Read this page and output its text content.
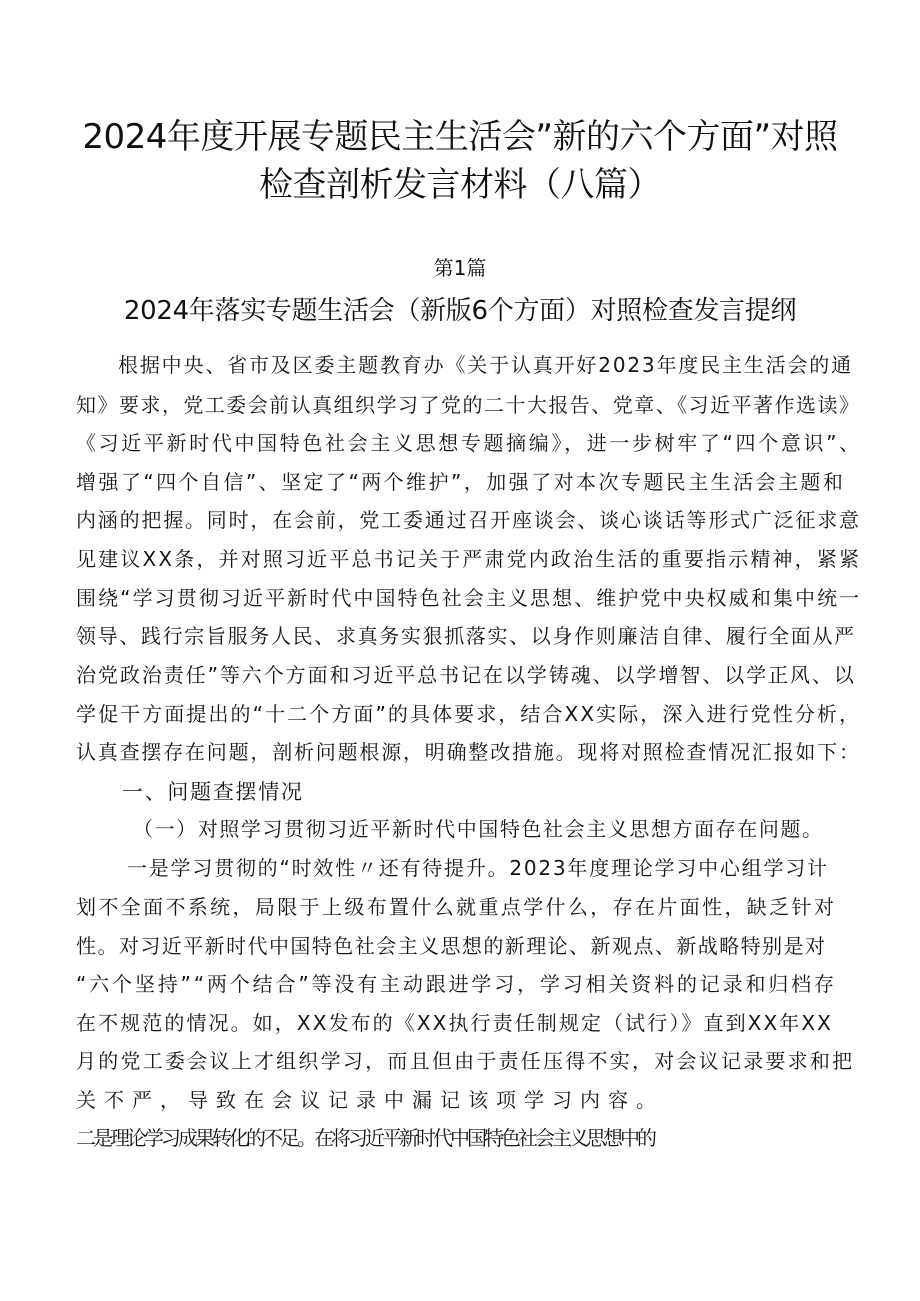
2024年度开展专题民主生活会”新的六个方面”对照
检查剖析发言材料（八篇）
第1篇
2024年落实专题生活会（新版6个方面）对照检查发言提纲
根据中央、省市及区委主题教育办《关于认真开好2023年度民主生活会的通
知》要求，党工委会前认真组织学习了党的二十大报告、党章、《习近平著作选读》
《习近平新时代中国特色社会主义思想专题摘编》，进一步树牢了“四个意识”、
增强了“四个自信”、坚定了“两个维护”，加强了对本次专题民主生活会主题和
内涵的把握。同时，在会前，党工委通过召开座谈会、谈心谈话等形式广泛征求意
见建议XX条，并对照习近平总书记关于严肃党内政治生活的重要指示精神，紧紧
围绕“学习贯彻习近平新时代中国特色社会主义思想、维护党中央权威和集中统一
领导、践行宗旨服务人民、求真务实狠抓落实、以身作则廉洁自律、履行全面从严
治党政治责任”等六个方面和习近平总书记在以学铸魂、以学增智、以学正风、以
学促干方面提出的“十二个方面”的具体要求，结合XX实际，深入进行党性分析，
认真查摆存在问题，剖析问题根源，明确整改措施。现将对照检查情况汇报如下：
一、问题查摆情况
（一）对照学习贯彻习近平新时代中国特色社会主义思想方面存在问题。
一是学习贯彻的“时效性〃还有待提升。2023年度理论学习中心组学习计
划不全面不系统，局限于上级布置什么就重点学什么，存在片面性，缺乏针对
性。对习近平新时代中国特色社会主义思想的新理论、新观点、新战略特别是对
“六个坚持”“两个结合”等没有主动跟进学习，学习相关资料的记录和归档存
在不规范的情况。如，XX发布的《XX执行责任制规定（试行）》直到XX年XX
月的党工委会议上才组织学习，而且但由于责任压得不实，对会议记录要求和把
关不严，导致在会议记录中漏记该项学习内容。
二是理论学习成果转化的不足。在将习近平新时代中国特色社会主义思想中的
